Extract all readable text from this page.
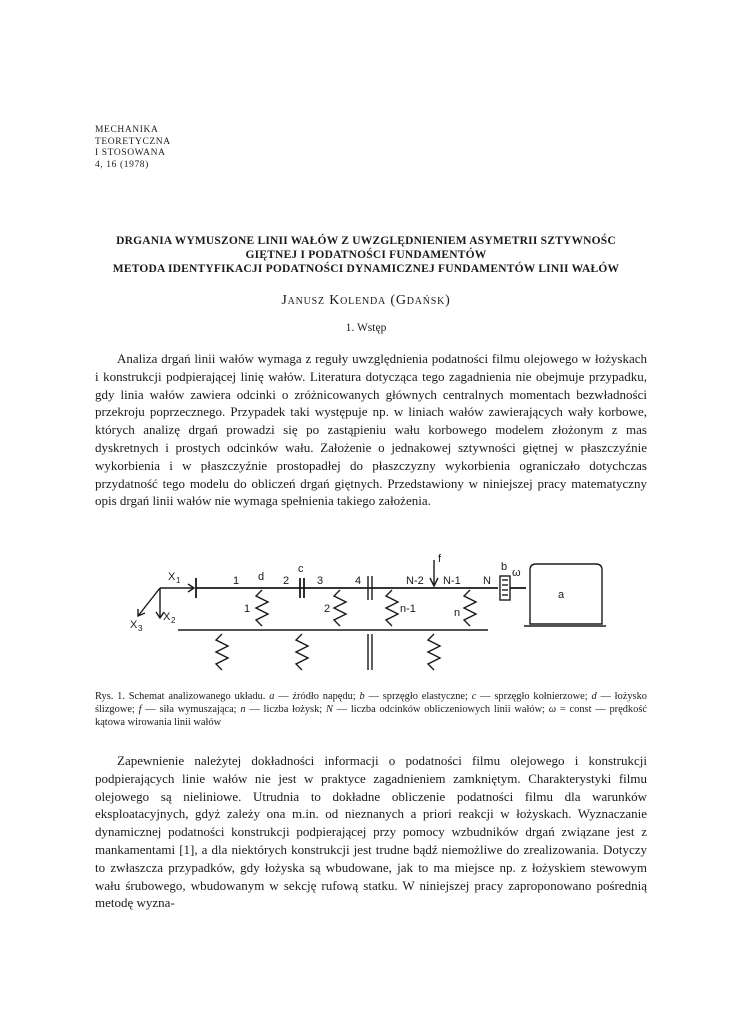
MECHANIKA
TEORETYCZNA
I STOSOWANA
4, 16 (1978)
DRGANIA WYMUSZONE LINII WAŁÓW Z UWZGLĘDNIENIEM ASYMETRII SZTYWNOŚC
GIĘTNEJ I PODATNOŚCI FUNDAMENTÓW
METODA IDENTYFIKACJI PODATNOŚCI DYNAMICZNEJ FUNDAMENTÓW LINII WAŁÓW
Janusz Kolenda (Gdańsk)
1. Wstęp

Analiza drgań linii wałów wymaga z reguły uwzględnienia podatności filmu olejowego w łożyskach i konstrukcji podpierającej linię wałów. Literatura dotycząca tego zagadnienia nie obejmuje przypadku, gdy linia wałów zawiera odcinki o zróżnicowanych głównych centralnych momentach bezwładności przekroju poprzecznego. Przypadek taki występuje np. w liniach wałów zawierających wały korbowe, których analizę drgań prowadzi się po zastąpieniu wału korbowego modelem złożonym z mas dyskretnych i prostych odcinków wału. Założenie o jednakowej sztywności giętnej w płaszczyźnie wykorbienia i w płaszczyźnie prostopadłej do płaszczyzny wykorbienia ograniczało dotychczas przydatność tego modelu do obliczeń drgań giętnych. Przedstawiony w niniejszej pracy matematyczny opis drgań linii wałów nie wymaga spełnienia takiego założenia.

X 1
X 2
X 3
1 d 2
c
3	4	N-2
f
N-1 N
b ω
a
1	2	n-1	n
Rys. 1. Schemat analizowanego układu. a — źródło napędu; b — sprzęgło elastyczne; c — sprzęgło kołnierzowe; d — łożysko ślizgowe; f — siła wymuszająca; n — liczba łożysk; N — liczba odcinków obliczeniowych linii wałów; ω = const — prędkość kątowa wirowania linii wałów

Zapewnienie należytej dokładności informacji o podatności filmu olejowego i konstrukcji podpierających linie wałów nie jest w praktyce zagadnieniem zamkniętym. Charakterystyki filmu olejowego są nieliniowe. Utrudnia to dokładne obliczenie podatności filmu dla warunków eksploatacyjnych, gdyż zależy ona m.in. od nieznanych a priori reakcji w łożyskach. Wyznaczanie dynamicznej podatności konstrukcji podpierającej przy pomocy wzbudników drgań związane jest z mankamentami [1], a dla niektórych konstrukcji jest trudne bądź niemożliwe do zrealizowania. Dotyczy to zwłaszcza przypadków, gdy łożyska są wbudowane, jak to ma miejsce np. z łożyskiem stewowym wału śrubowego, wbudowanym w sekcję rufową statku. W niniejszej pracy zaproponowano pośrednią metodę wyzna-
